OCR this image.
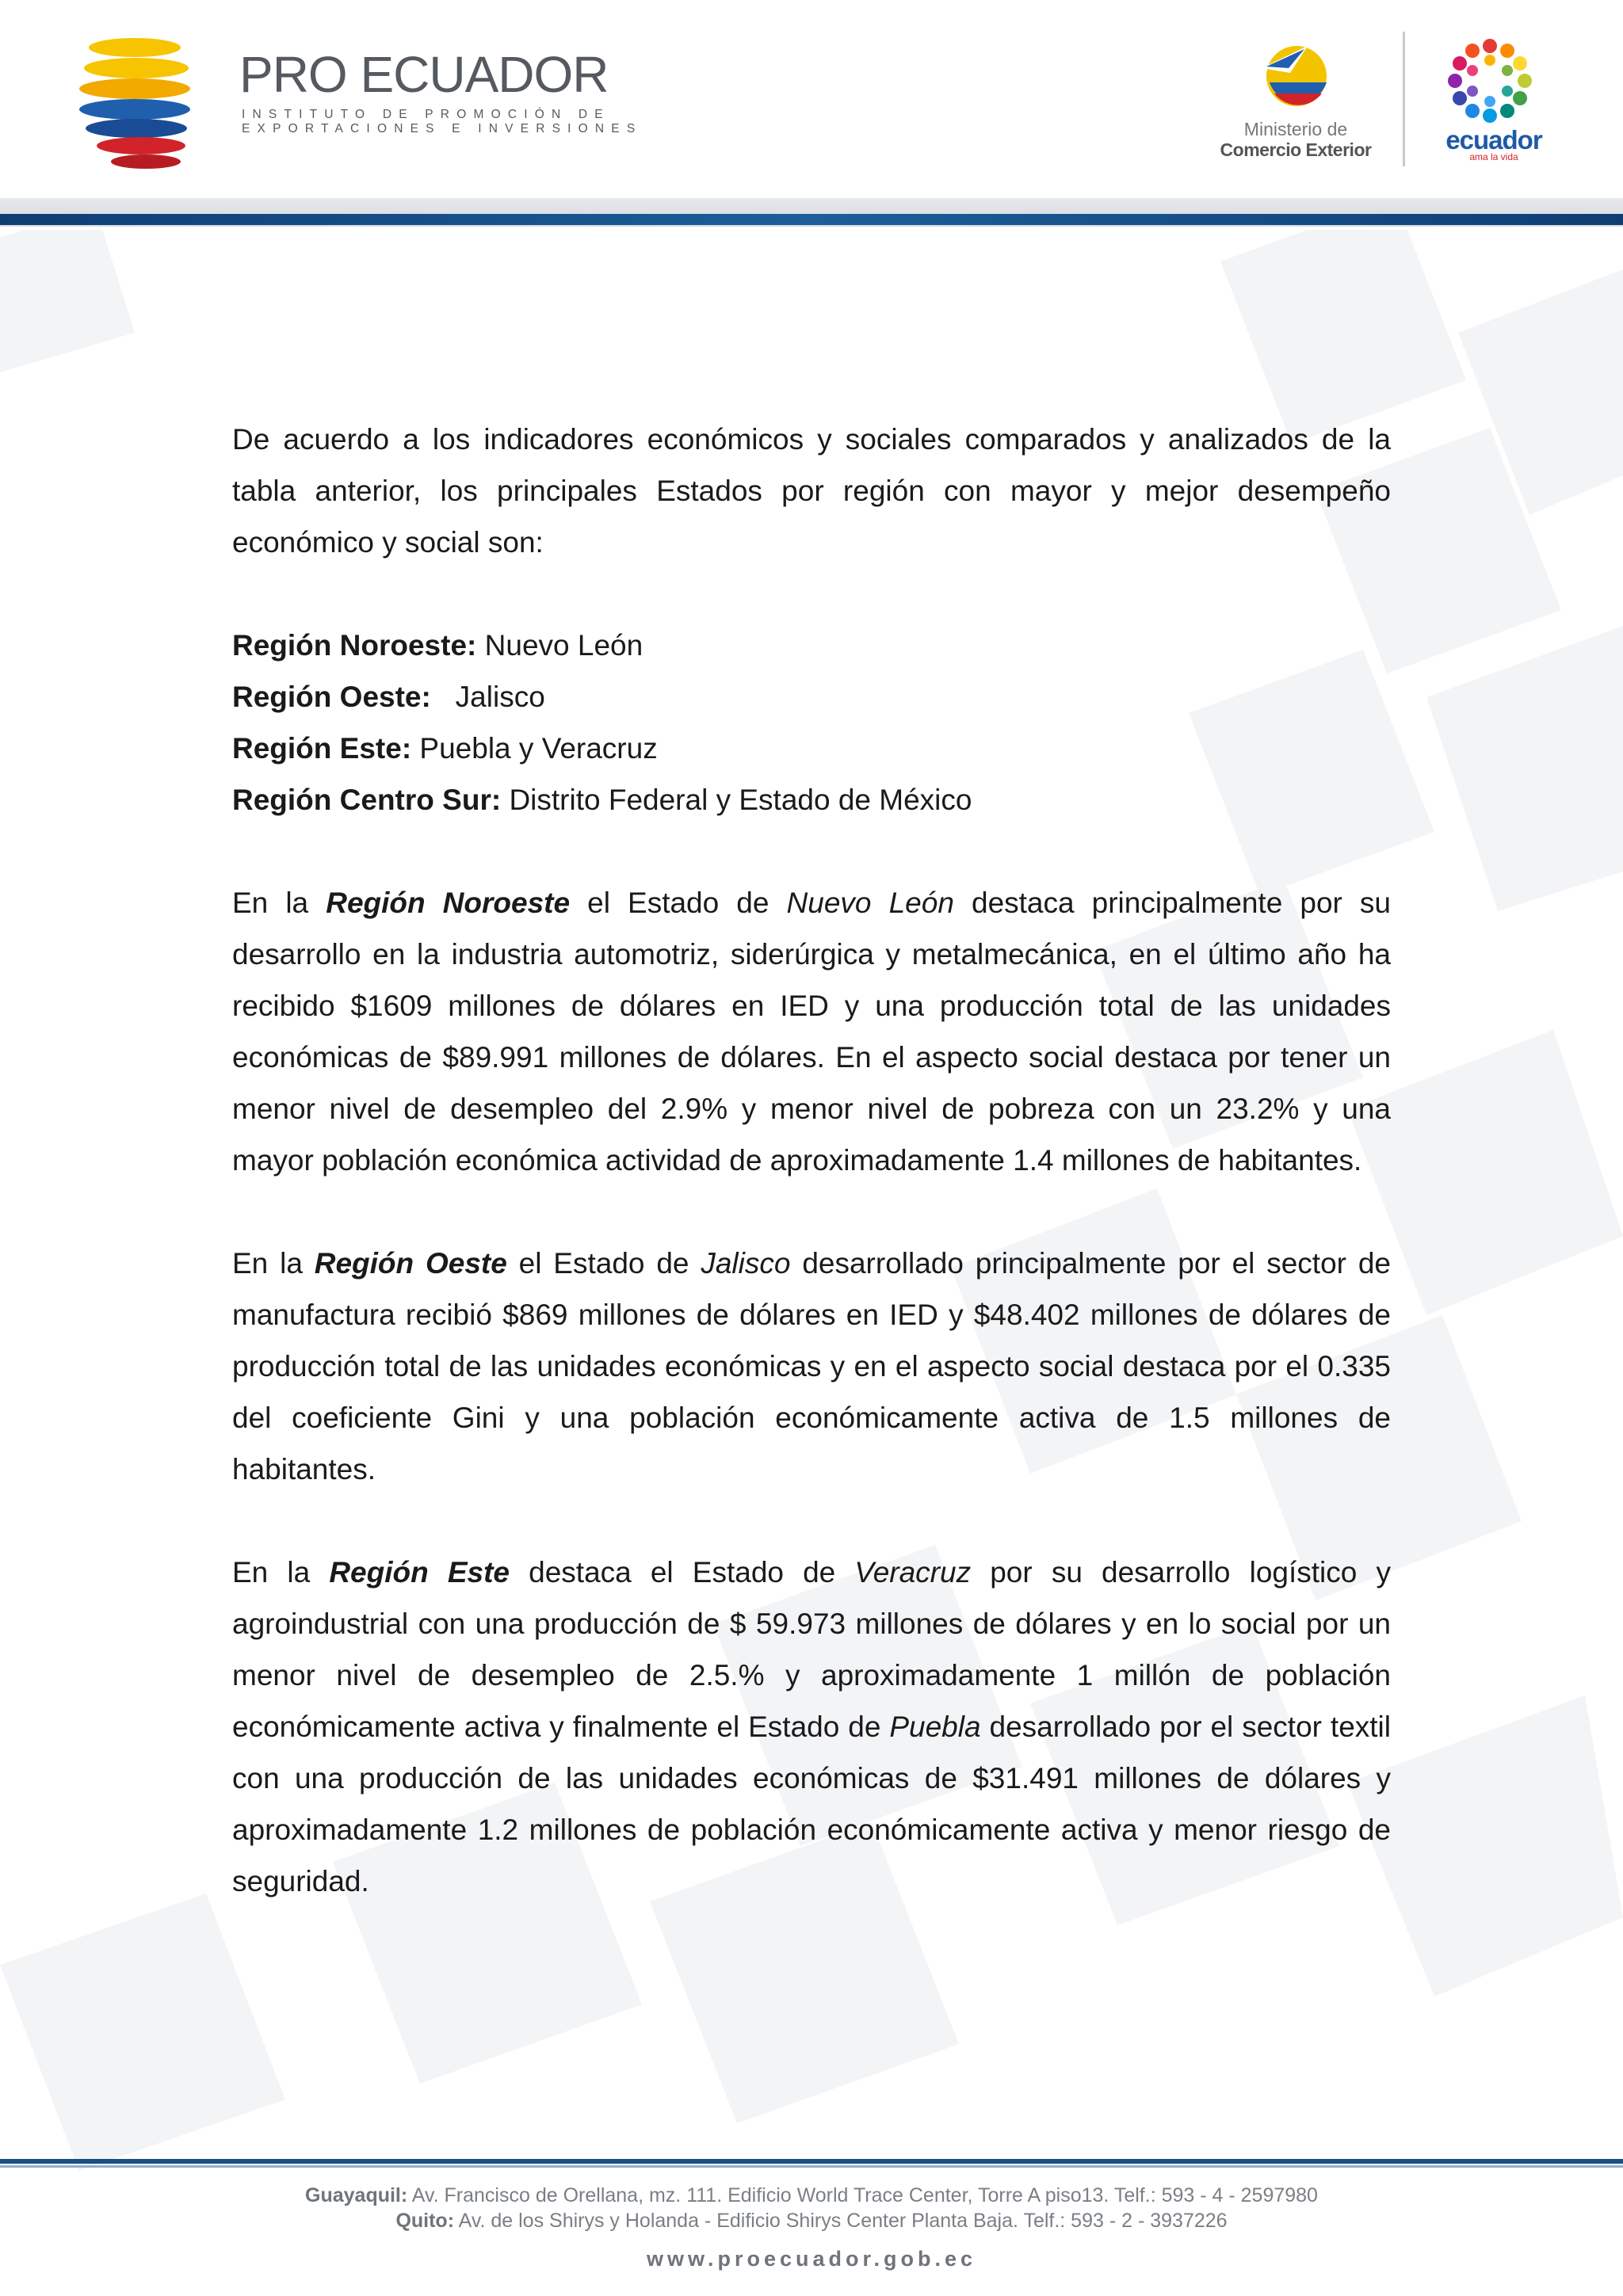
PRO ECUADOR
INSTITUTO DE PROMOCIÓN DE
EXPORTACIONES E INVERSIONES	Ministerio de
Comercio Exterior	ecuador
ama la vida

De acuerdo a los indicadores económicos y sociales comparados y analizados de la tabla anterior, los principales Estados por región con mayor y mejor desempeño económico y social son:

Región Noroeste: Nuevo León
Región Oeste: Jalisco
Región Este: Puebla y Veracruz
Región Centro Sur: Distrito Federal y Estado de México

En la Región Noroeste el Estado de Nuevo León destaca principalmente por su desarrollo en la industria automotriz, siderúrgica y metalmecánica, en el último año ha recibido $1609 millones de dólares en IED y una producción total de las unidades económicas de $89.991 millones de dólares. En el aspecto social destaca por tener un menor nivel de desempleo del 2.9% y menor nivel de pobreza con un 23.2% y una mayor población económica actividad de aproximadamente 1.4 millones de habitantes.

En la Región Oeste el Estado de Jalisco desarrollado principalmente por el sector de manufactura recibió $869 millones de dólares en IED y $48.402 millones de dólares de producción total de las unidades económicas y en el aspecto social destaca por el 0.335 del coeficiente Gini y una población económicamente activa de 1.5 millones de habitantes.

En la Región Este destaca el Estado de Veracruz por su desarrollo logístico y agroindustrial con una producción de $ 59.973 millones de dólares y en lo social por un menor nivel de desempleo de 2.5.% y aproximadamente 1 millón de población económicamente activa y finalmente el Estado de Puebla desarrollado por el sector textil con una producción de las unidades económicas de $31.491 millones de dólares y aproximadamente 1.2 millones de población económicamente activa y menor riesgo de seguridad.

Guayaquil: Av. Francisco de Orellana, mz. 111. Edificio World Trace Center, Torre A piso13. Telf.: 593 - 4 - 2597980
Quito: Av. de los Shirys y Holanda - Edificio Shirys Center Planta Baja. Telf.: 593 - 2 - 3937226
www.proecuador.gob.ec
